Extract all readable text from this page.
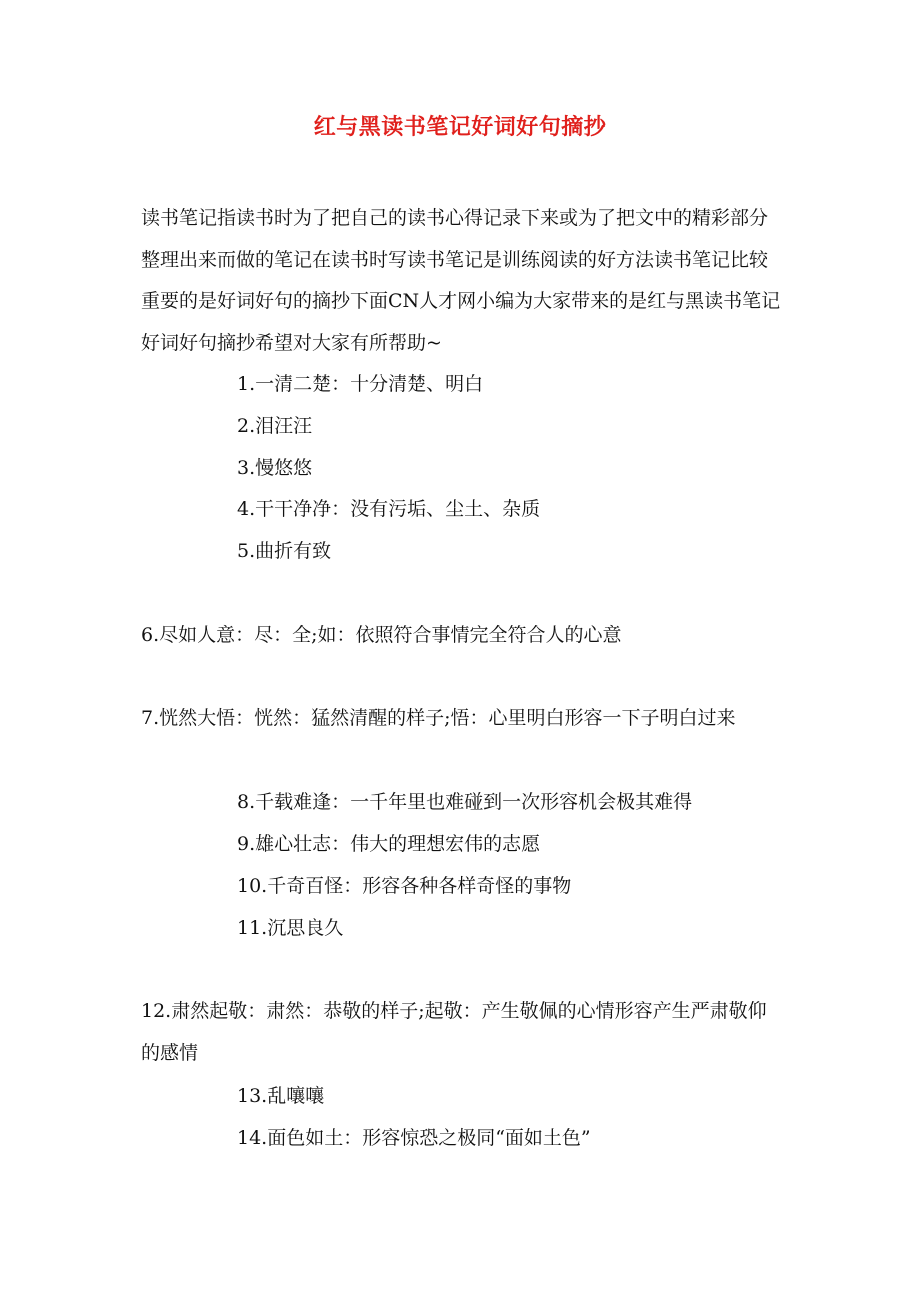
红与黑读书笔记好词好句摘抄

读书笔记指读书时为了把自己的读书心得记录下来或为了把文中的精彩部分整理出来而做的笔记在读书时写读书笔记是训练阅读的好方法读书笔记比较重要的是好词好句的摘抄下面CN人才网小编为大家带来的是红与黑读书笔记好词好句摘抄希望对大家有所帮助~

1.一清二楚：十分清楚、明白
2.泪汪汪
3.慢悠悠
4.干干净净：没有污垢、尘土、杂质
5.曲折有致
6.尽如人意：尽：全;如：依照符合事情完全符合人的心意

7.恍然大悟：恍然：猛然清醒的样子;悟：心里明白形容一下子明白过来

8.千载难逢：一千年里也难碰到一次形容机会极其难得
9.雄心壮志：伟大的理想宏伟的志愿
10.千奇百怪：形容各种各样奇怪的事物
11.沉思良久

12.肃然起敬：肃然：恭敬的样子;起敬：产生敬佩的心情形容产生严肃敬仰的感情

13.乱嚷嚷
14.面色如土：形容惊恐之极同“面如土色”
